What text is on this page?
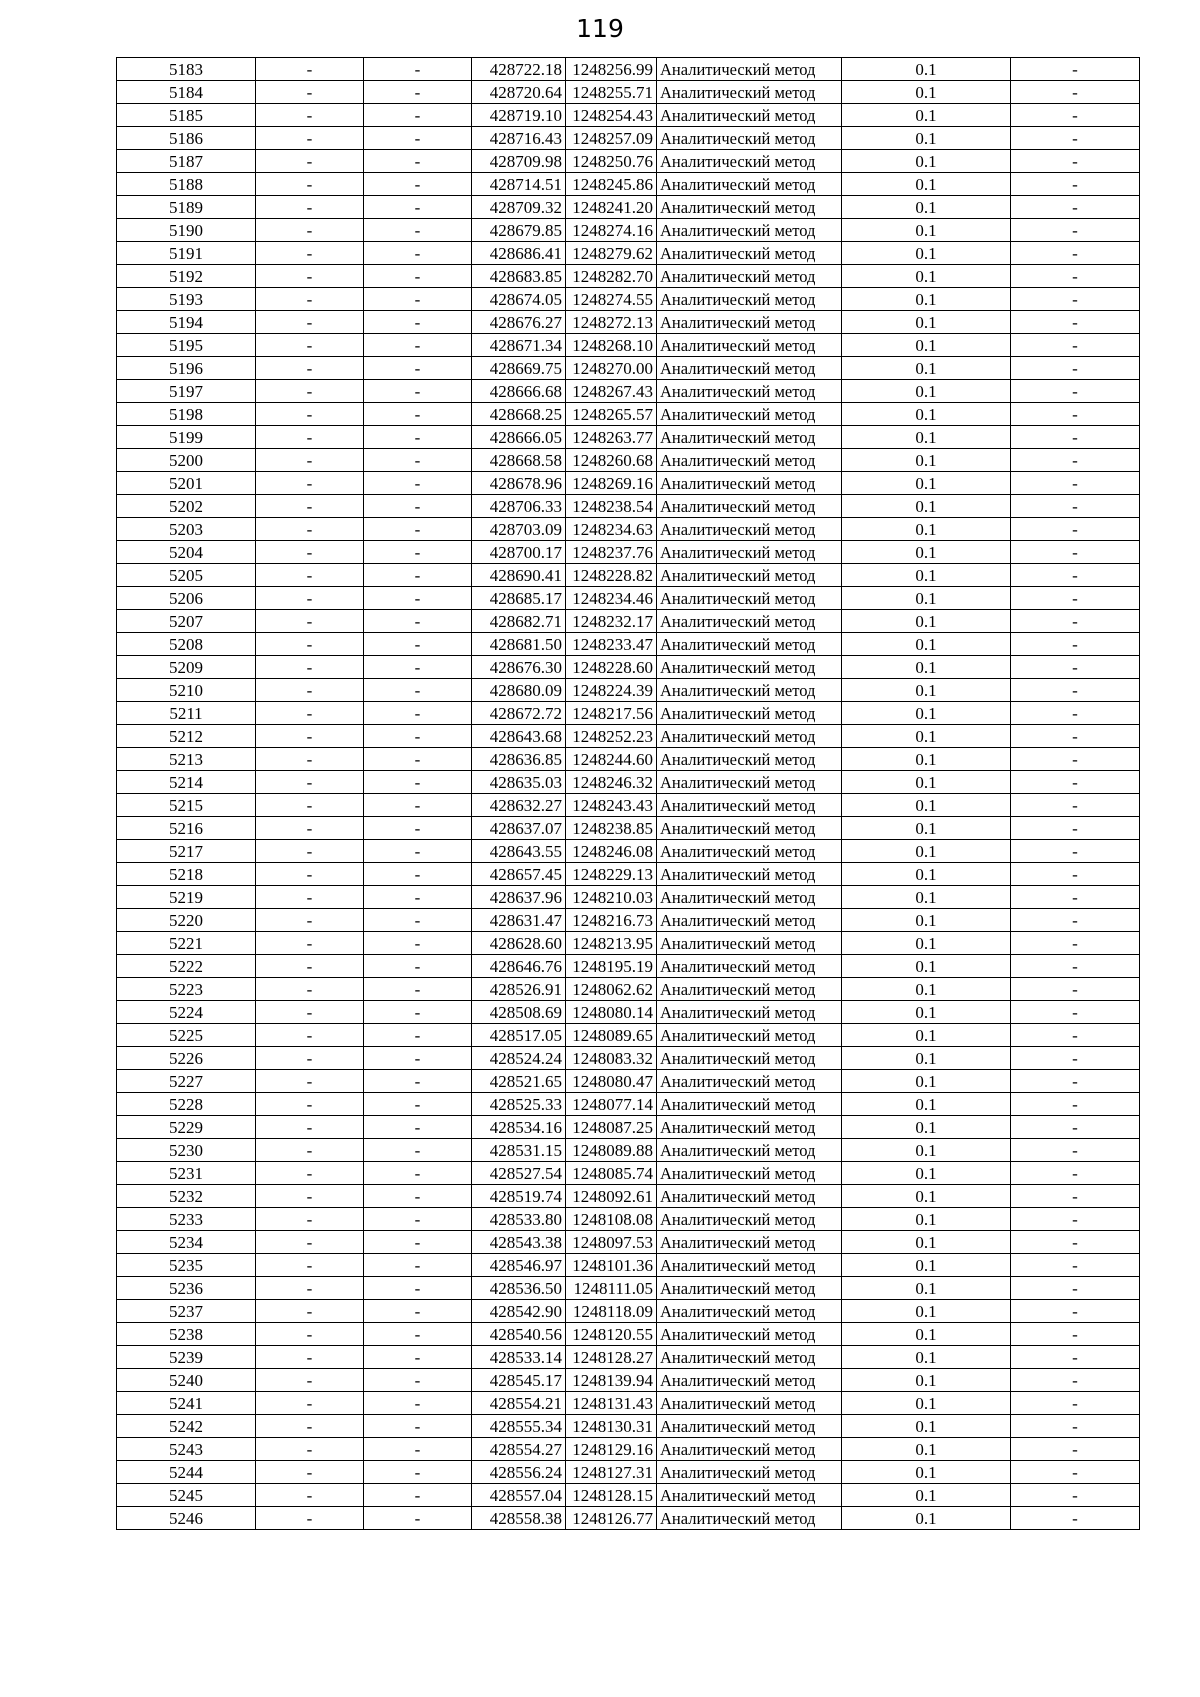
119
5183	-	-	428722.18	1248256.99	Аналитический метод	0.1	-
5184	-	-	428720.64	1248255.71	Аналитический метод	0.1	-
5185	-	-	428719.10	1248254.43	Аналитический метод	0.1	-
5186	-	-	428716.43	1248257.09	Аналитический метод	0.1	-
5187	-	-	428709.98	1248250.76	Аналитический метод	0.1	-
5188	-	-	428714.51	1248245.86	Аналитический метод	0.1	-
5189	-	-	428709.32	1248241.20	Аналитический метод	0.1	-
5190	-	-	428679.85	1248274.16	Аналитический метод	0.1	-
5191	-	-	428686.41	1248279.62	Аналитический метод	0.1	-
5192	-	-	428683.85	1248282.70	Аналитический метод	0.1	-
5193	-	-	428674.05	1248274.55	Аналитический метод	0.1	-
5194	-	-	428676.27	1248272.13	Аналитический метод	0.1	-
5195	-	-	428671.34	1248268.10	Аналитический метод	0.1	-
5196	-	-	428669.75	1248270.00	Аналитический метод	0.1	-
5197	-	-	428666.68	1248267.43	Аналитический метод	0.1	-
5198	-	-	428668.25	1248265.57	Аналитический метод	0.1	-
5199	-	-	428666.05	1248263.77	Аналитический метод	0.1	-
5200	-	-	428668.58	1248260.68	Аналитический метод	0.1	-
5201	-	-	428678.96	1248269.16	Аналитический метод	0.1	-
5202	-	-	428706.33	1248238.54	Аналитический метод	0.1	-
5203	-	-	428703.09	1248234.63	Аналитический метод	0.1	-
5204	-	-	428700.17	1248237.76	Аналитический метод	0.1	-
5205	-	-	428690.41	1248228.82	Аналитический метод	0.1	-
5206	-	-	428685.17	1248234.46	Аналитический метод	0.1	-
5207	-	-	428682.71	1248232.17	Аналитический метод	0.1	-
5208	-	-	428681.50	1248233.47	Аналитический метод	0.1	-
5209	-	-	428676.30	1248228.60	Аналитический метод	0.1	-
5210	-	-	428680.09	1248224.39	Аналитический метод	0.1	-
5211	-	-	428672.72	1248217.56	Аналитический метод	0.1	-
5212	-	-	428643.68	1248252.23	Аналитический метод	0.1	-
5213	-	-	428636.85	1248244.60	Аналитический метод	0.1	-
5214	-	-	428635.03	1248246.32	Аналитический метод	0.1	-
5215	-	-	428632.27	1248243.43	Аналитический метод	0.1	-
5216	-	-	428637.07	1248238.85	Аналитический метод	0.1	-
5217	-	-	428643.55	1248246.08	Аналитический метод	0.1	-
5218	-	-	428657.45	1248229.13	Аналитический метод	0.1	-
5219	-	-	428637.96	1248210.03	Аналитический метод	0.1	-
5220	-	-	428631.47	1248216.73	Аналитический метод	0.1	-
5221	-	-	428628.60	1248213.95	Аналитический метод	0.1	-
5222	-	-	428646.76	1248195.19	Аналитический метод	0.1	-
5223	-	-	428526.91	1248062.62	Аналитический метод	0.1	-
5224	-	-	428508.69	1248080.14	Аналитический метод	0.1	-
5225	-	-	428517.05	1248089.65	Аналитический метод	0.1	-
5226	-	-	428524.24	1248083.32	Аналитический метод	0.1	-
5227	-	-	428521.65	1248080.47	Аналитический метод	0.1	-
5228	-	-	428525.33	1248077.14	Аналитический метод	0.1	-
5229	-	-	428534.16	1248087.25	Аналитический метод	0.1	-
5230	-	-	428531.15	1248089.88	Аналитический метод	0.1	-
5231	-	-	428527.54	1248085.74	Аналитический метод	0.1	-
5232	-	-	428519.74	1248092.61	Аналитический метод	0.1	-
5233	-	-	428533.80	1248108.08	Аналитический метод	0.1	-
5234	-	-	428543.38	1248097.53	Аналитический метод	0.1	-
5235	-	-	428546.97	1248101.36	Аналитический метод	0.1	-
5236	-	-	428536.50	1248111.05	Аналитический метод	0.1	-
5237	-	-	428542.90	1248118.09	Аналитический метод	0.1	-
5238	-	-	428540.56	1248120.55	Аналитический метод	0.1	-
5239	-	-	428533.14	1248128.27	Аналитический метод	0.1	-
5240	-	-	428545.17	1248139.94	Аналитический метод	0.1	-
5241	-	-	428554.21	1248131.43	Аналитический метод	0.1	-
5242	-	-	428555.34	1248130.31	Аналитический метод	0.1	-
5243	-	-	428554.27	1248129.16	Аналитический метод	0.1	-
5244	-	-	428556.24	1248127.31	Аналитический метод	0.1	-
5245	-	-	428557.04	1248128.15	Аналитический метод	0.1	-
5246	-	-	428558.38	1248126.77	Аналитический метод	0.1	-
